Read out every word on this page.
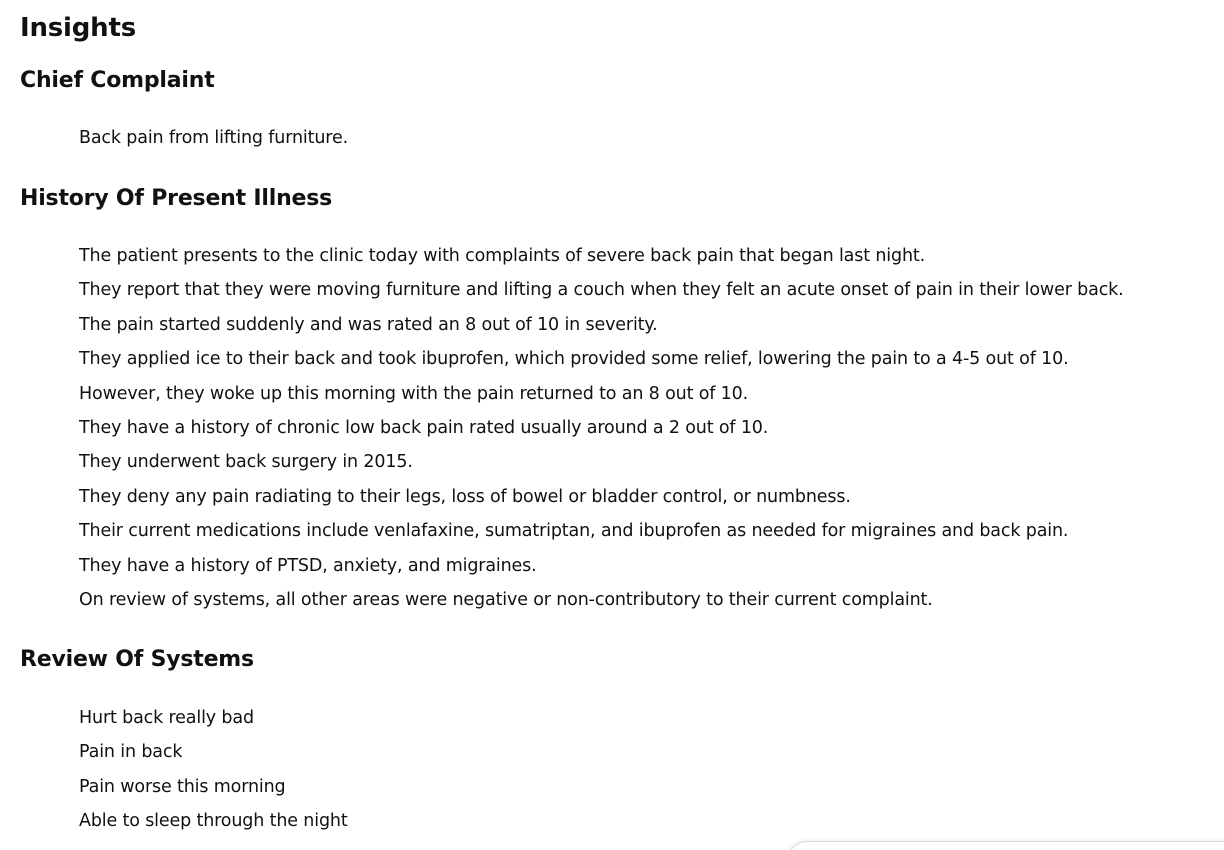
Insights
Chief Complaint
Back pain from lifting furniture.
History Of Present Illness
The patient presents to the clinic today with complaints of severe back pain that began last night.
They report that they were moving furniture and lifting a couch when they felt an acute onset of pain in their lower back.
The pain started suddenly and was rated an 8 out of 10 in severity.
They applied ice to their back and took ibuprofen, which provided some relief, lowering the pain to a 4-5 out of 10.
However, they woke up this morning with the pain returned to an 8 out of 10.
They have a history of chronic low back pain rated usually around a 2 out of 10.
They underwent back surgery in 2015.
They deny any pain radiating to their legs, loss of bowel or bladder control, or numbness.
Their current medications include venlafaxine, sumatriptan, and ibuprofen as needed for migraines and back pain.
They have a history of PTSD, anxiety, and migraines.
On review of systems, all other areas were negative or non-contributory to their current complaint.
Review Of Systems
Hurt back really bad
Pain in back
Pain worse this morning
Able to sleep through the night
